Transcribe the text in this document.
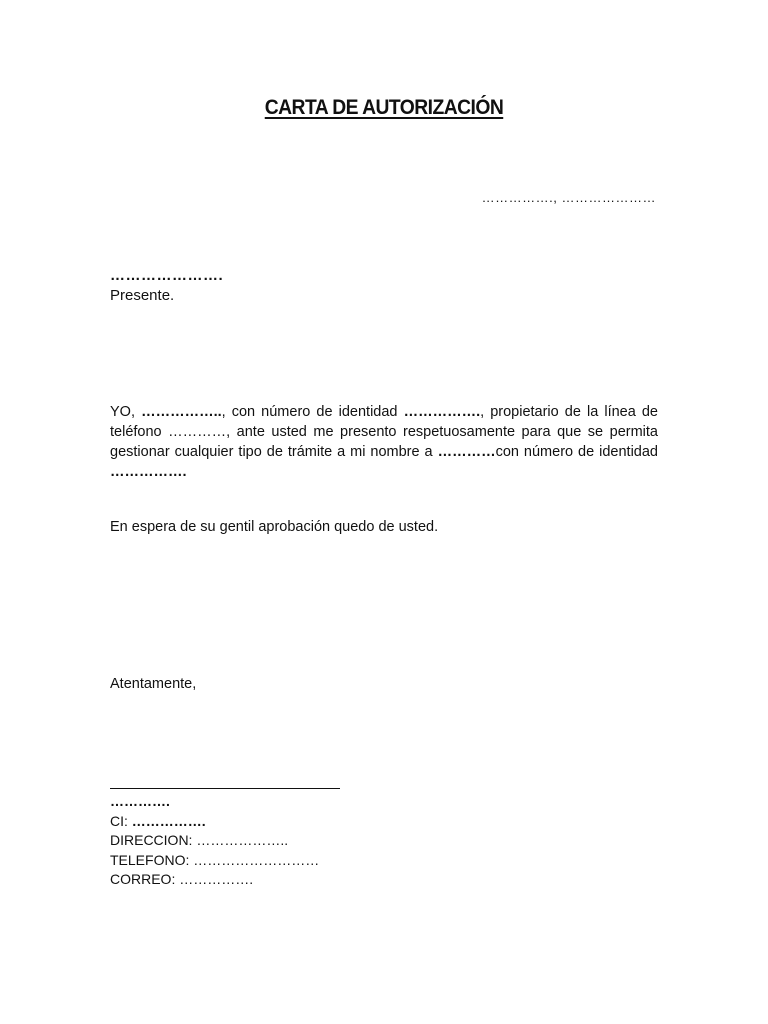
CARTA DE AUTORIZACIÓN
……………., …………………
………………….
Presente.
YO, …………….., con número de identidad ……………., propietario de la línea de teléfono …………, ante usted me presento respetuosamente para que se permita gestionar cualquier tipo de trámite a mi nombre a …………con número de identidad …………….
En espera de su gentil aprobación quedo de usted.
Atentamente,
………….
CI: …………….
DIRECCION: ………………..
TELEFONO: ………………………
CORREO: …………….
